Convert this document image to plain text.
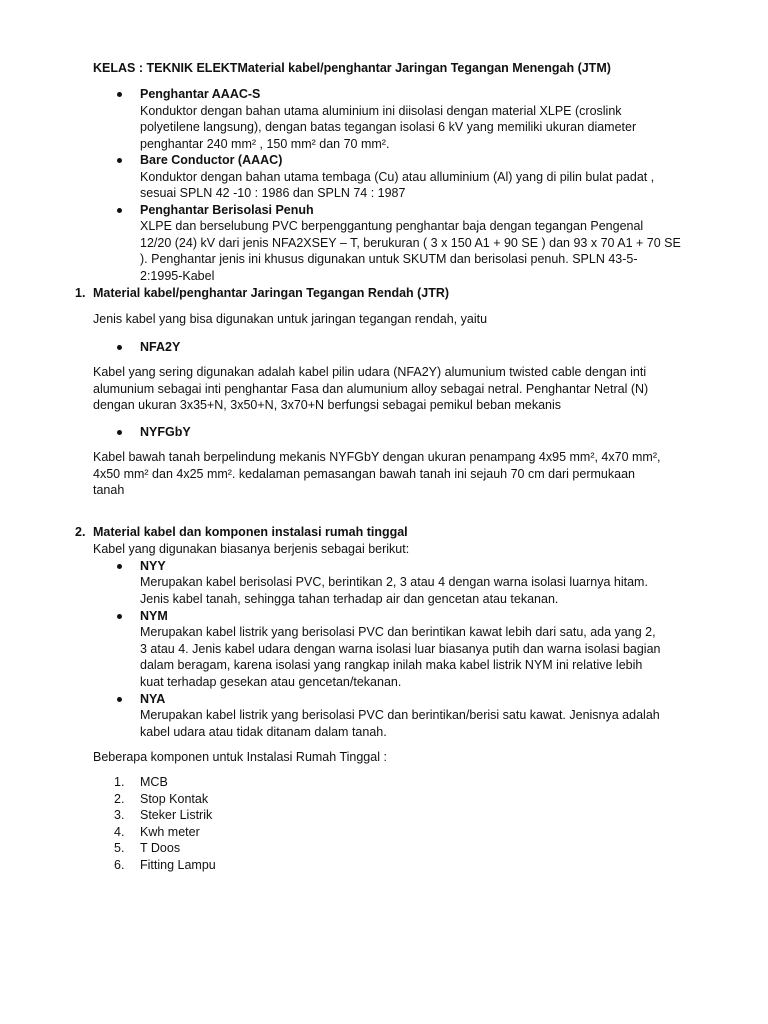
KELAS : TEKNIK ELEKTMaterial kabel/penghantar Jaringan Tegangan Menengah (JTM)

Penghantar AAAC-S

Konduktor dengan bahan utama aluminium ini diisolasi dengan material XLPE (croslink

polyetilene langsung), dengan batas tegangan isolasi 6 kV yang memiliki ukuran diameter

penghantar 240 mm² , 150 mm² dan 70 mm².

Bare Conductor (AAAC)

Konduktor dengan bahan utama tembaga (Cu) atau alluminium (Al) yang di pilin bulat padat ,

sesuai SPLN 42 -10 : 1986 dan SPLN 74 : 1987

Penghantar Berisolasi Penuh

XLPE dan berselubung PVC berpenggantung penghantar baja dengan tegangan Pengenal

12/20 (24) kV dari jenis NFA2XSEY – T, berukuran ( 3 x 150 A1 + 90 SE ) dan 93 x 70 A1 + 70 SE

). Penghantar jenis ini khusus digunakan untuk SKUTM dan berisolasi penuh. SPLN 43-5-

2:1995-Kabel

1. Material kabel/penghantar Jaringan Tegangan Rendah (JTR)

Jenis kabel yang bisa digunakan untuk jaringan tegangan rendah, yaitu

NFA2Y

Kabel yang sering digunakan adalah kabel pilin udara (NFA2Y) alumunium twisted cable dengan inti

alumunium sebagai inti penghantar Fasa dan alumunium alloy sebagai netral. Penghantar Netral (N)

dengan ukuran 3x35+N, 3x50+N, 3x70+N berfungsi sebagai pemikul beban mekanis

NYFGbY

Kabel bawah tanah berpelindung mekanis NYFGbY dengan ukuran penampang 4x95 mm², 4x70 mm²,

4x50 mm² dan 4x25 mm². kedalaman pemasangan bawah tanah ini sejauh 70 cm dari permukaan

tanah

2. Material kabel dan komponen instalasi rumah tinggal

Kabel yang digunakan biasanya berjenis sebagai berikut:

NYY

Merupakan kabel berisolasi PVC, berintikan 2, 3 atau 4 dengan warna isolasi luarnya hitam.

Jenis kabel tanah, sehingga tahan terhadap air dan gencetan atau tekanan.

NYM

Merupakan kabel listrik yang berisolasi PVC dan berintikan kawat lebih dari satu, ada yang 2,

3 atau 4. Jenis kabel udara dengan warna isolasi luar biasanya putih dan warna isolasi bagian

dalam beragam, karena isolasi yang rangkap inilah maka kabel listrik NYM ini relative lebih

kuat terhadap gesekan atau gencetan/tekanan.

NYA

Merupakan kabel listrik yang berisolasi PVC dan berintikan/berisi satu kawat. Jenisnya adalah

kabel udara atau tidak ditanam dalam tanah.

Beberapa komponen untuk Instalasi Rumah Tinggal :

1. MCB

2. Stop Kontak

3. Steker Listrik

4. Kwh meter

5. T Doos

6. Fitting Lampu
